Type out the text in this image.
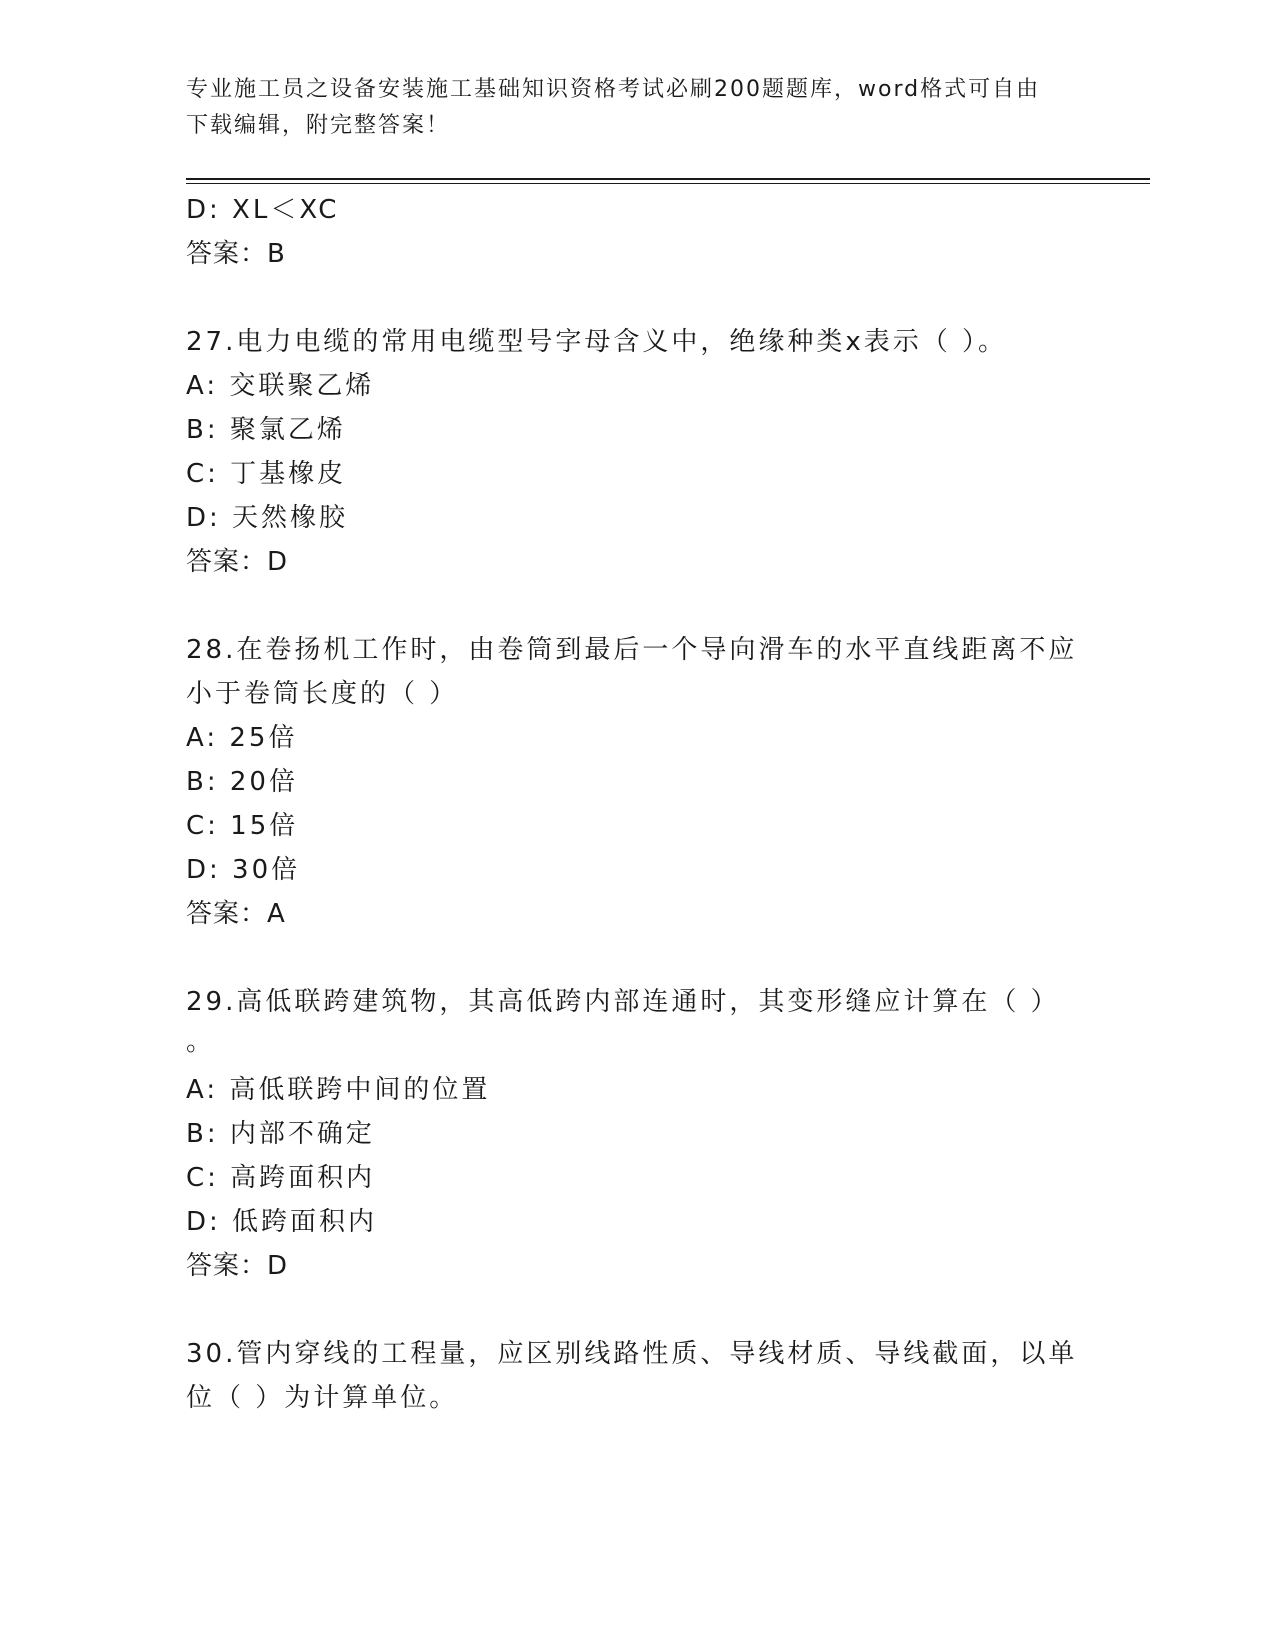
专业施工员之设备安装施工基础知识资格考试必刷200题题库，word格式可自由
下载编辑，附完整答案！
D: XL＜XC
答案：B
27.电力电缆的常用电缆型号字母含义中，绝缘种类x表示（ ）。
A: 交联聚乙烯
B: 聚氯乙烯
C: 丁基橡皮
D: 天然橡胶
答案：D
28.在卷扬机工作时，由卷筒到最后一个导向滑车的水平直线距离不应
小于卷筒长度的（ ）
A: 25倍
B: 20倍
C: 15倍
D: 30倍
答案：A
29.高低联跨建筑物，其高低跨内部连通时，其变形缝应计算在（ ）
。
A: 高低联跨中间的位置
B: 内部不确定
C: 高跨面积内
D: 低跨面积内
答案：D
30.管内穿线的工程量，应区别线路性质、导线材质、导线截面，以单
位（ ）为计算单位。
